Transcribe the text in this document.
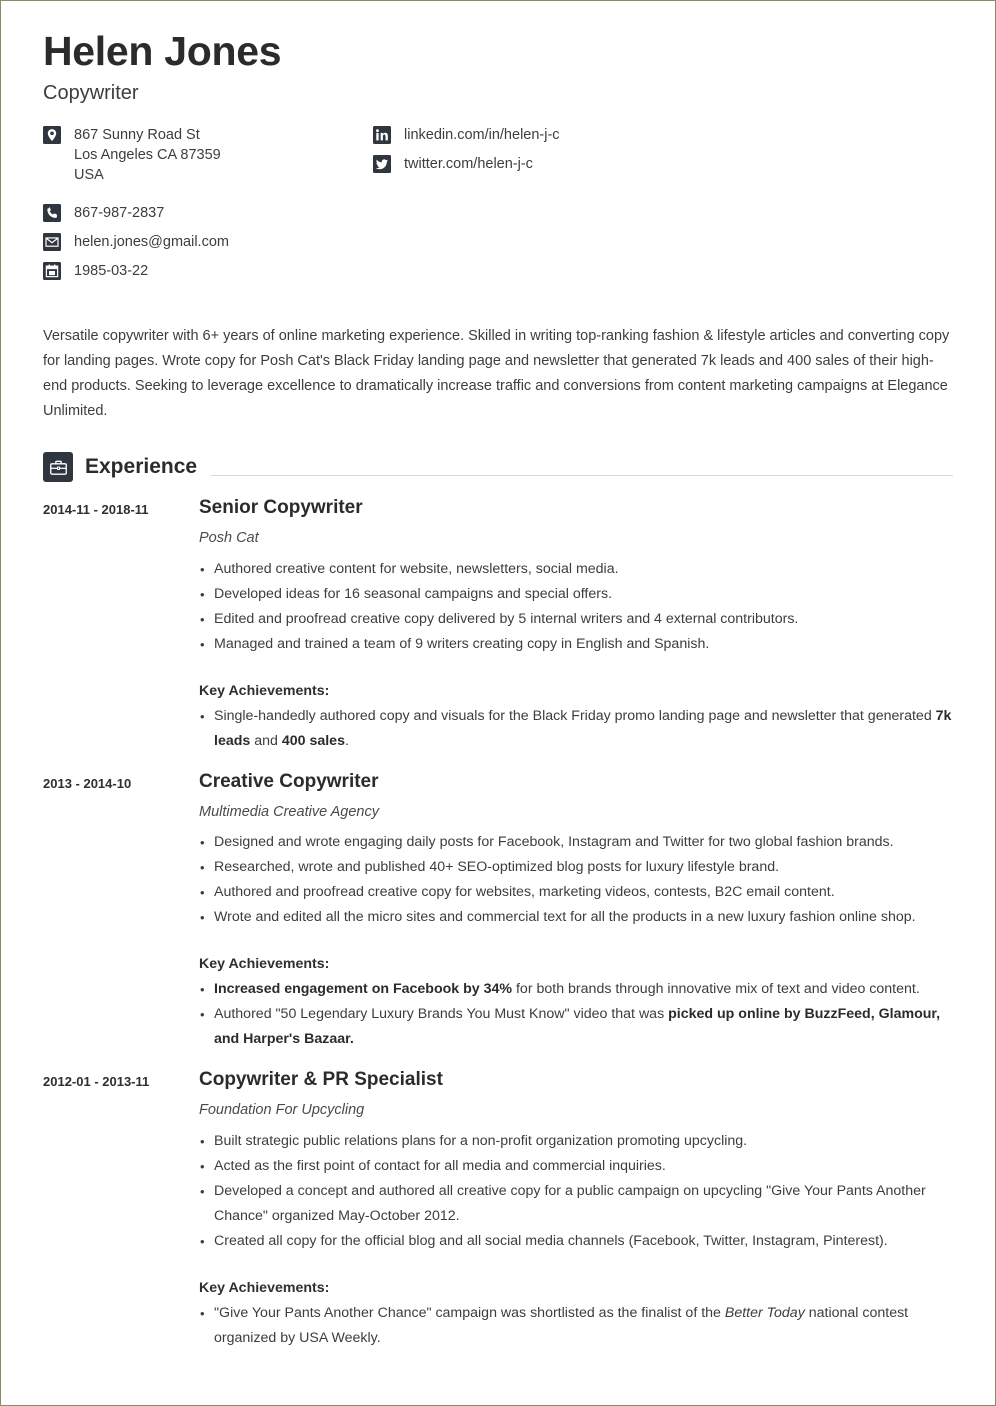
Helen Jones
Copywriter
867 Sunny Road St
Los Angeles CA 87359
USA
867-987-2837
helen.jones@gmail.com
1985-03-22
linkedin.com/in/helen-j-c
twitter.com/helen-j-c
Versatile copywriter with 6+ years of online marketing experience. Skilled in writing top-ranking fashion & lifestyle articles and converting copy for landing pages. Wrote copy for Posh Cat's Black Friday landing page and newsletter that generated 7k leads and 400 sales of their high-end products. Seeking to leverage excellence to dramatically increase traffic and conversions from content marketing campaigns at Elegance Unlimited.
Experience
2014-11 - 2018-11	Senior Copywriter
Posh Cat
• Authored creative content for website, newsletters, social media.
• Developed ideas for 16 seasonal campaigns and special offers.
• Edited and proofread creative copy delivered by 5 internal writers and 4 external contributors.
• Managed and trained a team of 9 writers creating copy in English and Spanish.
Key Achievements:
• Single-handedly authored copy and visuals for the Black Friday promo landing page and newsletter that generated 7k leads and 400 sales.
2013 - 2014-10	Creative Copywriter
Multimedia Creative Agency
• Designed and wrote engaging daily posts for Facebook, Instagram and Twitter for two global fashion brands.
• Researched, wrote and published 40+ SEO-optimized blog posts for luxury lifestyle brand.
• Authored and proofread creative copy for websites, marketing videos, contests, B2C email content.
• Wrote and edited all the micro sites and commercial text for all the products in a new luxury fashion online shop.
Key Achievements:
• Increased engagement on Facebook by 34% for both brands through innovative mix of text and video content.
• Authored "50 Legendary Luxury Brands You Must Know" video that was picked up online by BuzzFeed, Glamour, and Harper's Bazaar.
2012-01 - 2013-11	Copywriter & PR Specialist
Foundation For Upcycling
• Built strategic public relations plans for a non-profit organization promoting upcycling.
• Acted as the first point of contact for all media and commercial inquiries.
• Developed a concept and authored all creative copy for a public campaign on upcycling "Give Your Pants Another Chance" organized May-October 2012.
• Created all copy for the official blog and all social media channels (Facebook, Twitter, Instagram, Pinterest).
Key Achievements:
• "Give Your Pants Another Chance" campaign was shortlisted as the finalist of the Better Today national contest organized by USA Weekly.
